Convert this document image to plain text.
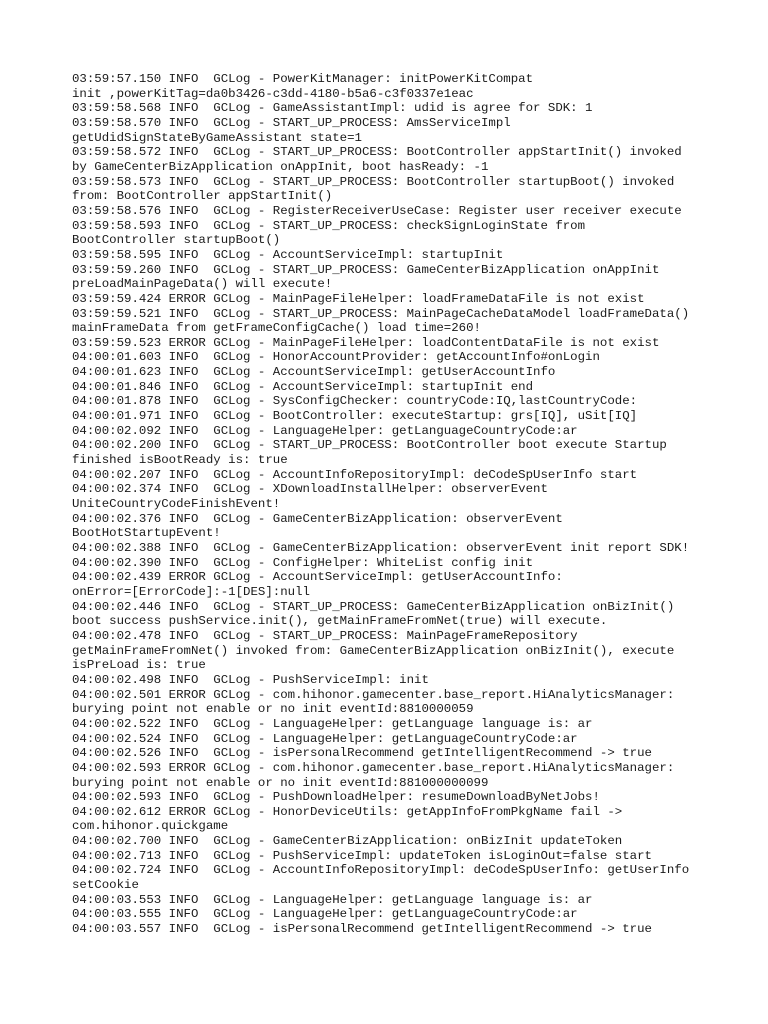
03:59:57.150 INFO  GCLog - PowerKitManager: initPowerKitCompat
init ,powerKitTag=da0b3426-c3dd-4180-b5a6-c3f0337e1eac
03:59:58.568 INFO  GCLog - GameAssistantImpl: udid is agree for SDK: 1
03:59:58.570 INFO  GCLog - START_UP_PROCESS: AmsServiceImpl
getUdidSignStateByGameAssistant state=1
03:59:58.572 INFO  GCLog - START_UP_PROCESS: BootController appStartInit() invoked
by GameCenterBizApplication onAppInit, boot hasReady: -1
03:59:58.573 INFO  GCLog - START_UP_PROCESS: BootController startupBoot() invoked
from: BootController appStartInit()
03:59:58.576 INFO  GCLog - RegisterReceiverUseCase: Register user receiver execute
03:59:58.593 INFO  GCLog - START_UP_PROCESS: checkSignLoginState from
BootController startupBoot()
03:59:58.595 INFO  GCLog - AccountServiceImpl: startupInit
03:59:59.260 INFO  GCLog - START_UP_PROCESS: GameCenterBizApplication onAppInit
preLoadMainPageData() will execute!
03:59:59.424 ERROR GCLog - MainPageFileHelper: loadFrameDataFile is not exist
03:59:59.521 INFO  GCLog - START_UP_PROCESS: MainPageCacheDataModel loadFrameData()
mainFrameData from getFrameConfigCache() load time=260!
03:59:59.523 ERROR GCLog - MainPageFileHelper: loadContentDataFile is not exist
04:00:01.603 INFO  GCLog - HonorAccountProvider: getAccountInfo#onLogin
04:00:01.623 INFO  GCLog - AccountServiceImpl: getUserAccountInfo
04:00:01.846 INFO  GCLog - AccountServiceImpl: startupInit end
04:00:01.878 INFO  GCLog - SysConfigChecker: countryCode:IQ,lastCountryCode:
04:00:01.971 INFO  GCLog - BootController: executeStartup: grs[IQ], uSit[IQ]
04:00:02.092 INFO  GCLog - LanguageHelper: getLanguageCountryCode:ar
04:00:02.200 INFO  GCLog - START_UP_PROCESS: BootController boot execute Startup
finished isBootReady is: true
04:00:02.207 INFO  GCLog - AccountInfoRepositoryImpl: deCodeSpUserInfo start
04:00:02.374 INFO  GCLog - XDownloadInstallHelper: observerEvent
UniteCountryCodeFinishEvent!
04:00:02.376 INFO  GCLog - GameCenterBizApplication: observerEvent
BootHotStartupEvent!
04:00:02.388 INFO  GCLog - GameCenterBizApplication: observerEvent init report SDK!
04:00:02.390 INFO  GCLog - ConfigHelper: WhiteList config init
04:00:02.439 ERROR GCLog - AccountServiceImpl: getUserAccountInfo:
onError=[ErrorCode]:-1[DES]:null
04:00:02.446 INFO  GCLog - START_UP_PROCESS: GameCenterBizApplication onBizInit()
boot success pushService.init(), getMainFrameFromNet(true) will execute.
04:00:02.478 INFO  GCLog - START_UP_PROCESS: MainPageFrameRepository
getMainFrameFromNet() invoked from: GameCenterBizApplication onBizInit(), execute
isPreLoad is: true
04:00:02.498 INFO  GCLog - PushServiceImpl: init
04:00:02.501 ERROR GCLog - com.hihonor.gamecenter.base_report.HiAnalyticsManager:
burying point not enable or no init eventId:8810000059
04:00:02.522 INFO  GCLog - LanguageHelper: getLanguage language is: ar
04:00:02.524 INFO  GCLog - LanguageHelper: getLanguageCountryCode:ar
04:00:02.526 INFO  GCLog - isPersonalRecommend getIntelligentRecommend -> true
04:00:02.593 ERROR GCLog - com.hihonor.gamecenter.base_report.HiAnalyticsManager:
burying point not enable or no init eventId:881000000099
04:00:02.593 INFO  GCLog - PushDownloadHelper: resumeDownloadByNetJobs!
04:00:02.612 ERROR GCLog - HonorDeviceUtils: getAppInfoFromPkgName fail ->
com.hihonor.quickgame
04:00:02.700 INFO  GCLog - GameCenterBizApplication: onBizInit updateToken
04:00:02.713 INFO  GCLog - PushServiceImpl: updateToken isLoginOut=false start
04:00:02.724 INFO  GCLog - AccountInfoRepositoryImpl: deCodeSpUserInfo: getUserInfo
setCookie
04:00:03.553 INFO  GCLog - LanguageHelper: getLanguage language is: ar
04:00:03.555 INFO  GCLog - LanguageHelper: getLanguageCountryCode:ar
04:00:03.557 INFO  GCLog - isPersonalRecommend getIntelligentRecommend -> true
